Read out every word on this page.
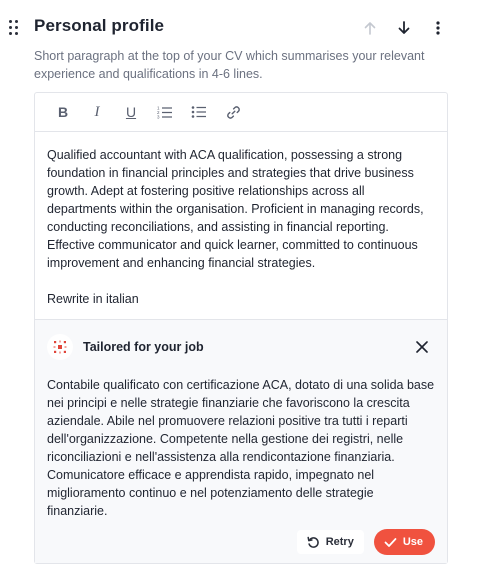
Personal profile

Short paragraph at the top of your CV which summarises your relevant experience and qualifications in 4-6 lines.

B	I	U	1
2
3

Qualified accountant with ACA qualification, possessing a strong foundation in financial principles and strategies that drive business growth. Adept at fostering positive relationships across all departments within the organisation. Proficient in managing records, conducting reconciliations, and assisting in financial reporting. Effective communicator and quick learner, committed to continuous improvement and enhancing financial strategies.

Rewrite in italian

Tailored for your job

Contabile qualificato con certificazione ACA, dotato di una solida base nei principi e nelle strategie finanziarie che favoriscono la crescita aziendale. Abile nel promuovere relazioni positive tra tutti i reparti dell'organizzazione. Competente nella gestione dei registri, nelle riconciliazioni e nell'assistenza alla rendicontazione finanziaria. Comunicatore efficace e apprendista rapido, impegnato nel miglioramento continuo e nel potenziamento delle strategie finanziarie.

Retry	Use
